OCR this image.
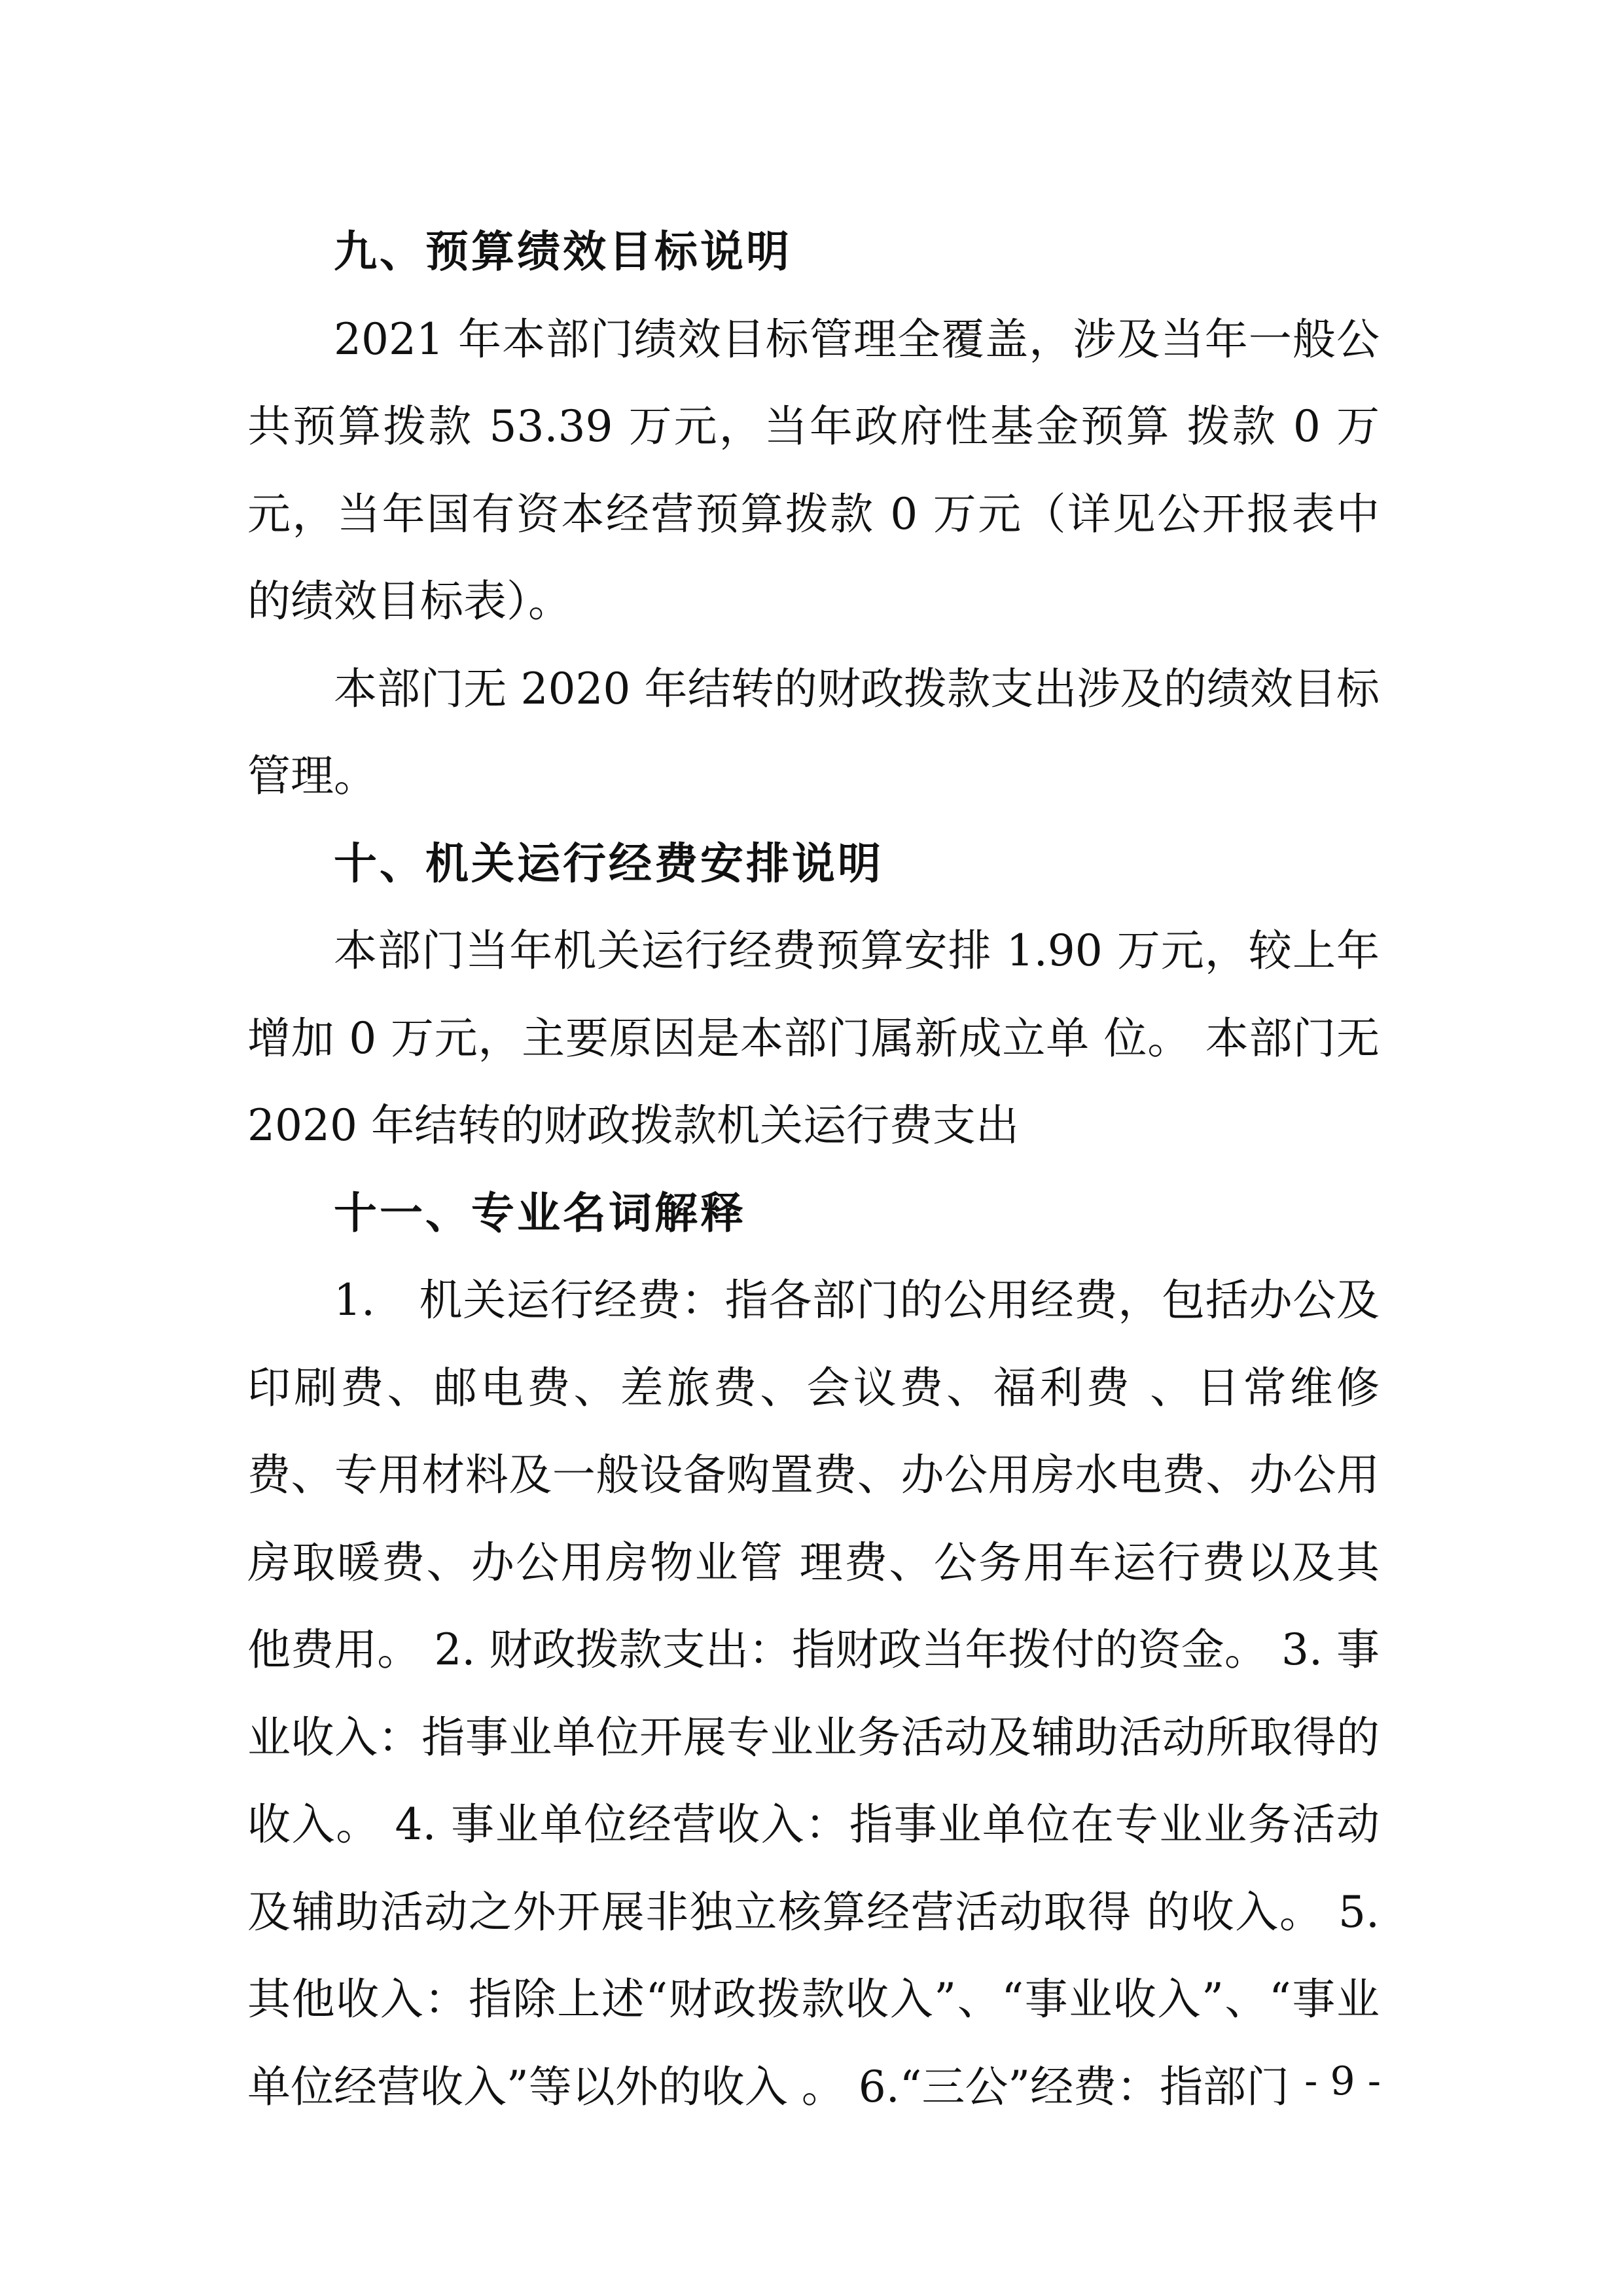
九、预算绩效目标说明

2021 年本部门绩效目标管理全覆盖，涉及当年一般公共预算拨款 53.39 万元，当年政府性基金预算 拨款 0 万元，当年国有资本经营预算拨款 0 万元（详见公开报表中的绩效目标表）。

本部门无 2020 年结转的财政拨款支出涉及的绩效目标管理。

十、机关运行经费安排说明

本部门当年机关运行经费预算安排 1.90 万元，较上年增加 0 万元，主要原因是本部门属新成立单 位。 本部门无 2020 年结转的财政拨款机关运行费支出

十一、专业名词解释

1.　机关运行经费：指各部门的公用经费，包括办公及印刷费、邮电费、差旅费、会议费、福利费 、日常维修费、专用材料及一般设备购置费、办公用房水电费、办公用房取暖费、办公用房物业管 理费、公务用车运行费以及其他费用。 2. 财政拨款支出：指财政当年拨付的资金。 3. 事业收入：指事业单位开展专业业务活动及辅助活动所取得的收入。 4. 事业单位经营收入：指事业单位在专业业务活动及辅助活动之外开展非独立核算经营活动取得 的收入。 5. 其他收入：指除上述“财政拨款收入”、“事业收入”、“事业单位经营收入”等以外的收入 。 6.“三公”经费：指部门 - 9 -
